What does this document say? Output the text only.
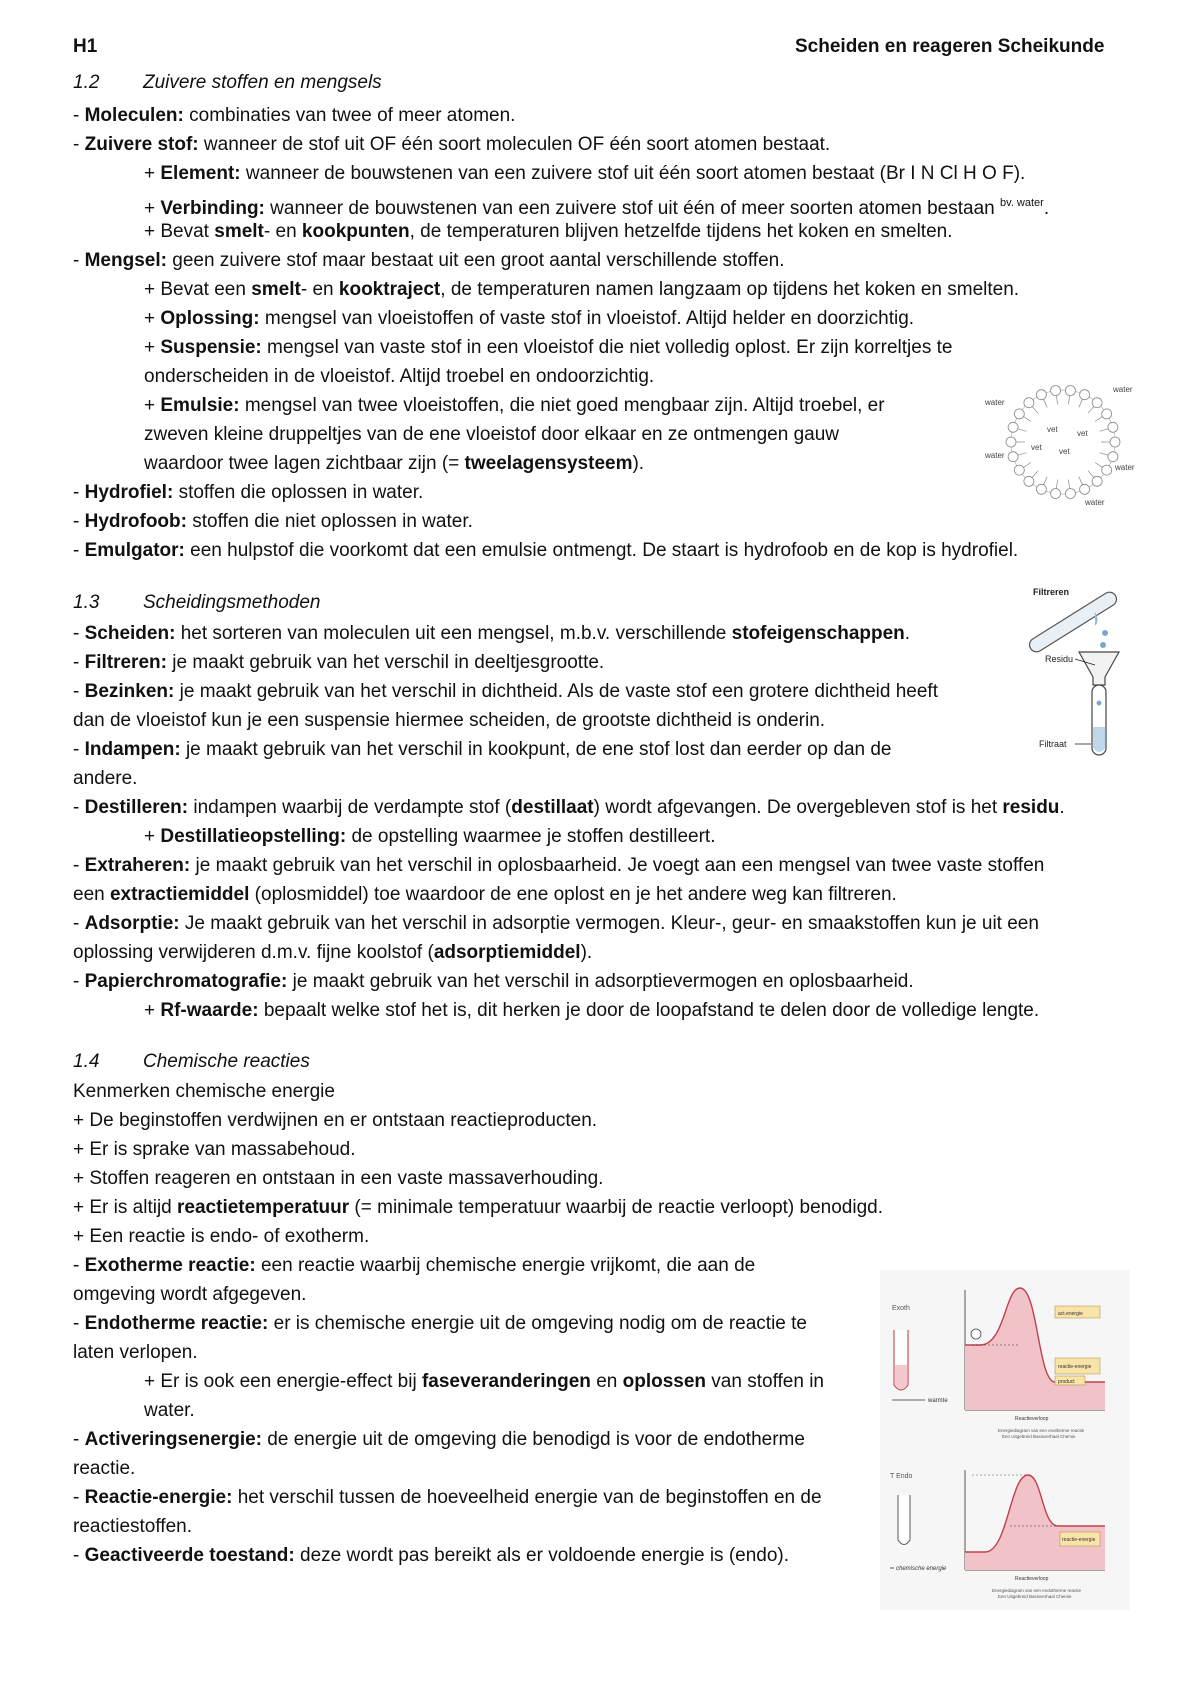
H1	Scheiden en reageren Scheikunde
1.2 Zuivere stoffen en mengsels
- Moleculen: combinaties van twee of meer atomen.
- Zuivere stof: wanneer de stof uit OF één soort moleculen OF één soort atomen bestaat.
+ Element: wanneer de bouwstenen van een zuivere stof uit één soort atomen bestaat (Br I N Cl H O F).
+ Verbinding: wanneer de bouwstenen van een zuivere stof uit één of meer soorten atomen bestaan $^{bv. water}$.
+ Bevat smelt- en kookpunten, de temperaturen blijven hetzelfde tijdens het koken en smelten.
- Mengsel: geen zuivere stof maar bestaat uit een groot aantal verschillende stoffen.
+ Bevat een smelt- en kooktraject, de temperaturen namen langzaam op tijdens het koken en smelten.
+ Oplossing: mengsel van vloeistoffen of vaste stof in vloeistof. Altijd helder en doorzichtig.
+ Suspensie: mengsel van vaste stof in een vloeistof die niet volledig oplost. Er zijn korreltjes te
onderscheiden in de vloeistof. Altijd troebel en ondoorzichtig.
+ Emulsie: mengsel van twee vloeistoffen, die niet goed mengbaar zijn. Altijd troebel, er
zweven kleine druppeltjes van de ene vloeistof door elkaar en ze ontmengen gauw
waardoor twee lagen zichtbaar zijn (= tweelagensysteem).
- Hydrofiel: stoffen die oplossen in water.
- Hydrofoob: stoffen die niet oplossen in water.
- Emulgator: een hulpstof die voorkomt dat een emulsie ontmengt. De staart is hydrofoob en de kop is hydrofiel.
1.3 Scheidingsmethoden
- Scheiden: het sorteren van moleculen uit een mengsel, m.b.v. verschillende stofeigenschappen.
- Filtreren: je maakt gebruik van het verschil in deeltjesgrootte.
- Bezinken: je maakt gebruik van het verschil in dichtheid. Als de vaste stof een grotere dichtheid heeft
dan de vloeistof kun je een suspensie hiermee scheiden, de grootste dichtheid is onderin.
- Indampen: je maakt gebruik van het verschil in kookpunt, de ene stof lost dan eerder op dan de
andere.
- Destilleren: indampen waarbij de verdampte stof (destillaat) wordt afgevangen. De overgebleven stof is het residu.
+ Destillatieopstelling: de opstelling waarmee je stoffen destilleert.
- Extraheren: je maakt gebruik van het verschil in oplosbaarheid. Je voegt aan een mengsel van twee vaste stoffen
een extractiemiddel (oplosmiddel) toe waardoor de ene oplost en je het andere weg kan filtreren.
- Adsorptie: Je maakt gebruik van het verschil in adsorptie vermogen. Kleur-, geur- en smaakstoffen kun je uit een
oplossing verwijderen d.m.v. fijne koolstof (adsorptiemiddel).
- Papierchromatografie: je maakt gebruik van het verschil in adsorptievermogen en oplosbaarheid.
+ Rf-waarde: bepaalt welke stof het is, dit herken je door de loopafstand te delen door de volledige lengte.
1.4 Chemische reacties
Kenmerken chemische energie
+ De beginstoffen verdwijnen en er ontstaan reactieproducten.
+ Er is sprake van massabehoud.
+ Stoffen reageren en ontstaan in een vaste massaverhouding.
+ Er is altijd reactietemperatuur (= minimale temperatuur waarbij de reactie verloopt) benodigd.
+ Een reactie is endo- of exotherm.
- Exotherme reactie: een reactie waarbij chemische energie vrijkomt, die aan de
omgeving wordt afgegeven.
- Endotherme reactie: er is chemische energie uit de omgeving nodig om de reactie te
laten verlopen.
+ Er is ook een energie-effect bij faseveranderingen en oplossen van stoffen in
water.
- Activeringsenergie: de energie uit de omgeving die benodigd is voor de endotherme
reactie.
- Reactie-energie: het verschil tussen de hoeveelheid energie van de beginstoffen en de
reactiestoffen.
- Geactiveerde toestand: deze wordt pas bereikt als er voldoende energie is (endo).
water
water
water
water
water
vet vet
vet vet
Filtreren
Residu
Filtraat
Exoth
warmte
act.energie
reactie-energie
product
Reactieverloop
Energiediagram van een exotherme reactie
Een Uitgebreid Basisverhaal Chemie
T Endo
chemische energie
reactie-energie
Reactieverloop
Energiediagram van een endotherme reactie
Een Uitgebreid Basisverhaal Chemie
